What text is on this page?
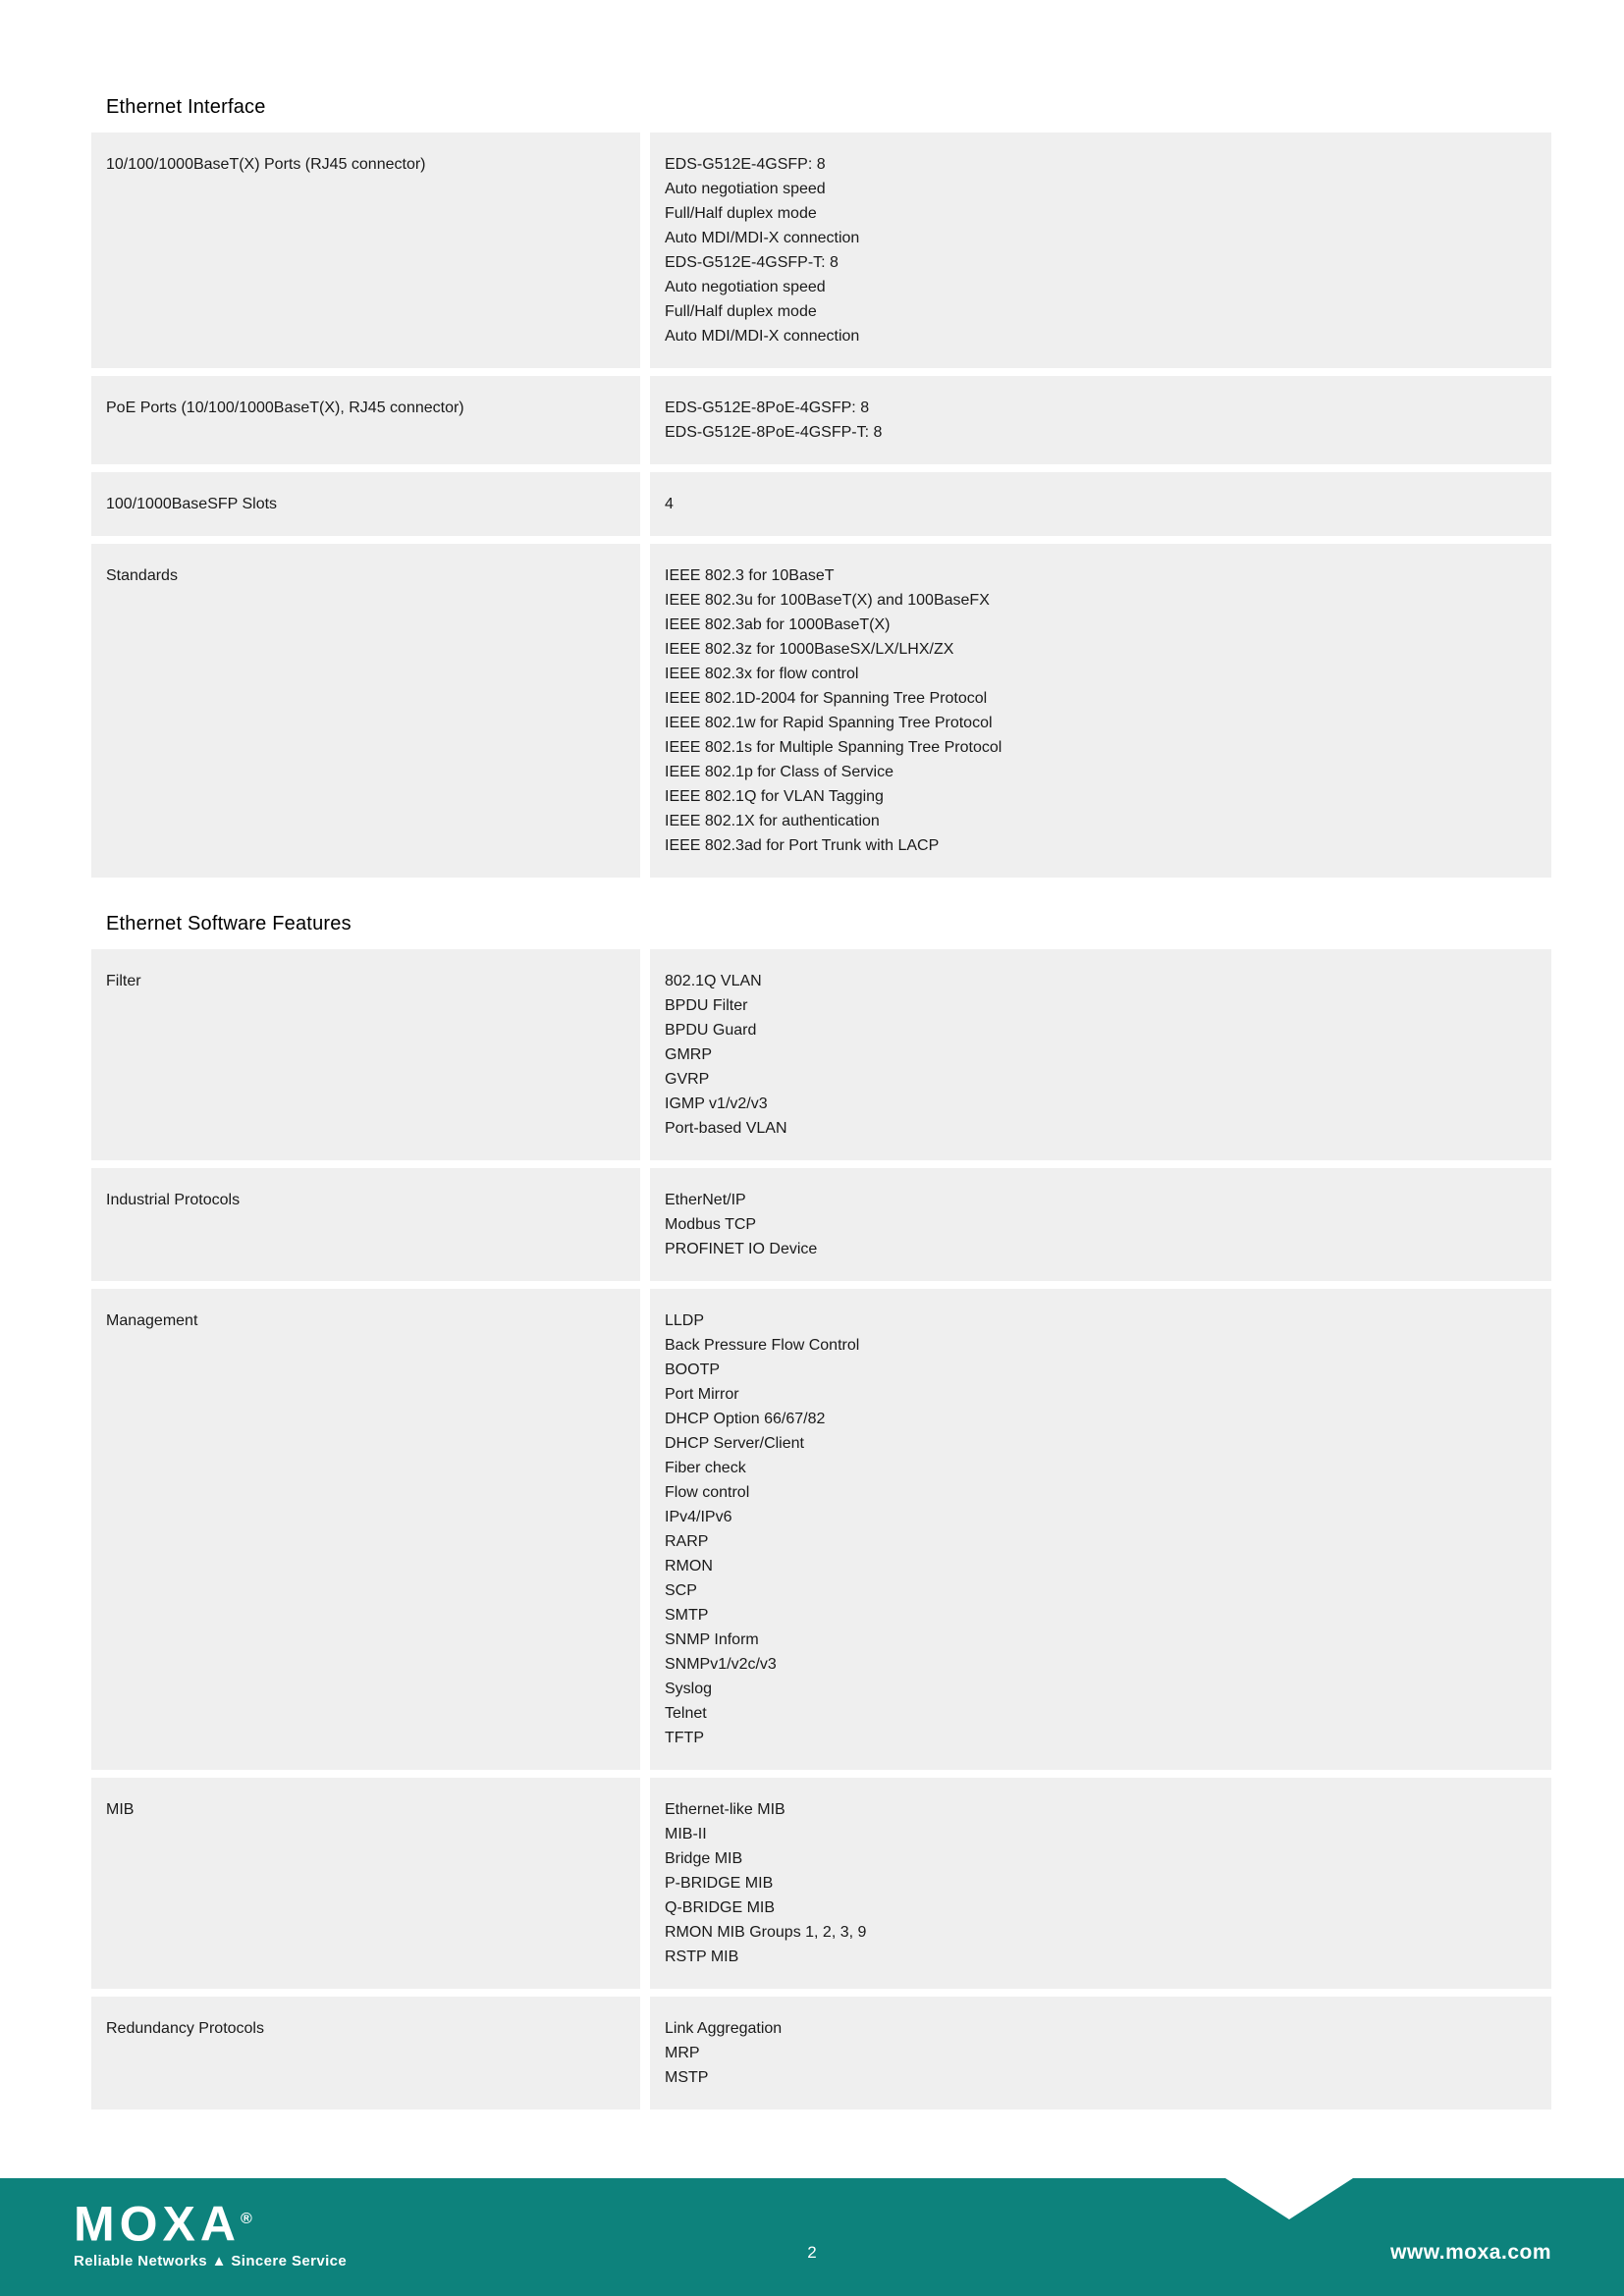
Ethernet Interface
10/100/1000BaseT(X) Ports (RJ45 connector)	EDS-G512E-4GSFP: 8
Auto negotiation speed
Full/Half duplex mode
Auto MDI/MDI-X connection
EDS-G512E-4GSFP-T: 8
Auto negotiation speed
Full/Half duplex mode
Auto MDI/MDI-X connection
PoE Ports (10/100/1000BaseT(X), RJ45 connector)	EDS-G512E-8PoE-4GSFP: 8
EDS-G512E-8PoE-4GSFP-T: 8
100/1000BaseSFP Slots	4
Standards	IEEE 802.3 for 10BaseT
IEEE 802.3u for 100BaseT(X) and 100BaseFX
IEEE 802.3ab for 1000BaseT(X)
IEEE 802.3z for 1000BaseSX/LX/LHX/ZX
IEEE 802.3x for flow control
IEEE 802.1D-2004 for Spanning Tree Protocol
IEEE 802.1w for Rapid Spanning Tree Protocol
IEEE 802.1s for Multiple Spanning Tree Protocol
IEEE 802.1p for Class of Service
IEEE 802.1Q for VLAN Tagging
IEEE 802.1X for authentication
IEEE 802.3ad for Port Trunk with LACP
Ethernet Software Features
Filter	802.1Q VLAN
BPDU Filter
BPDU Guard
GMRP
GVRP
IGMP v1/v2/v3
Port-based VLAN
Industrial Protocols	EtherNet/IP
Modbus TCP
PROFINET IO Device
Management	LLDP
Back Pressure Flow Control
BOOTP
Port Mirror
DHCP Option 66/67/82
DHCP Server/Client
Fiber check
Flow control
IPv4/IPv6
RARP
RMON
SCP
SMTP
SNMP Inform
SNMPv1/v2c/v3
Syslog
Telnet
TFTP
MIB	Ethernet-like MIB
MIB-II
Bridge MIB
P-BRIDGE MIB
Q-BRIDGE MIB
RMON MIB Groups 1, 2, 3, 9
RSTP MIB
Redundancy Protocols	Link Aggregation
MRP
MSTP
MOXA®
Reliable Networks ▲ Sincere Service	2	www.moxa.com
